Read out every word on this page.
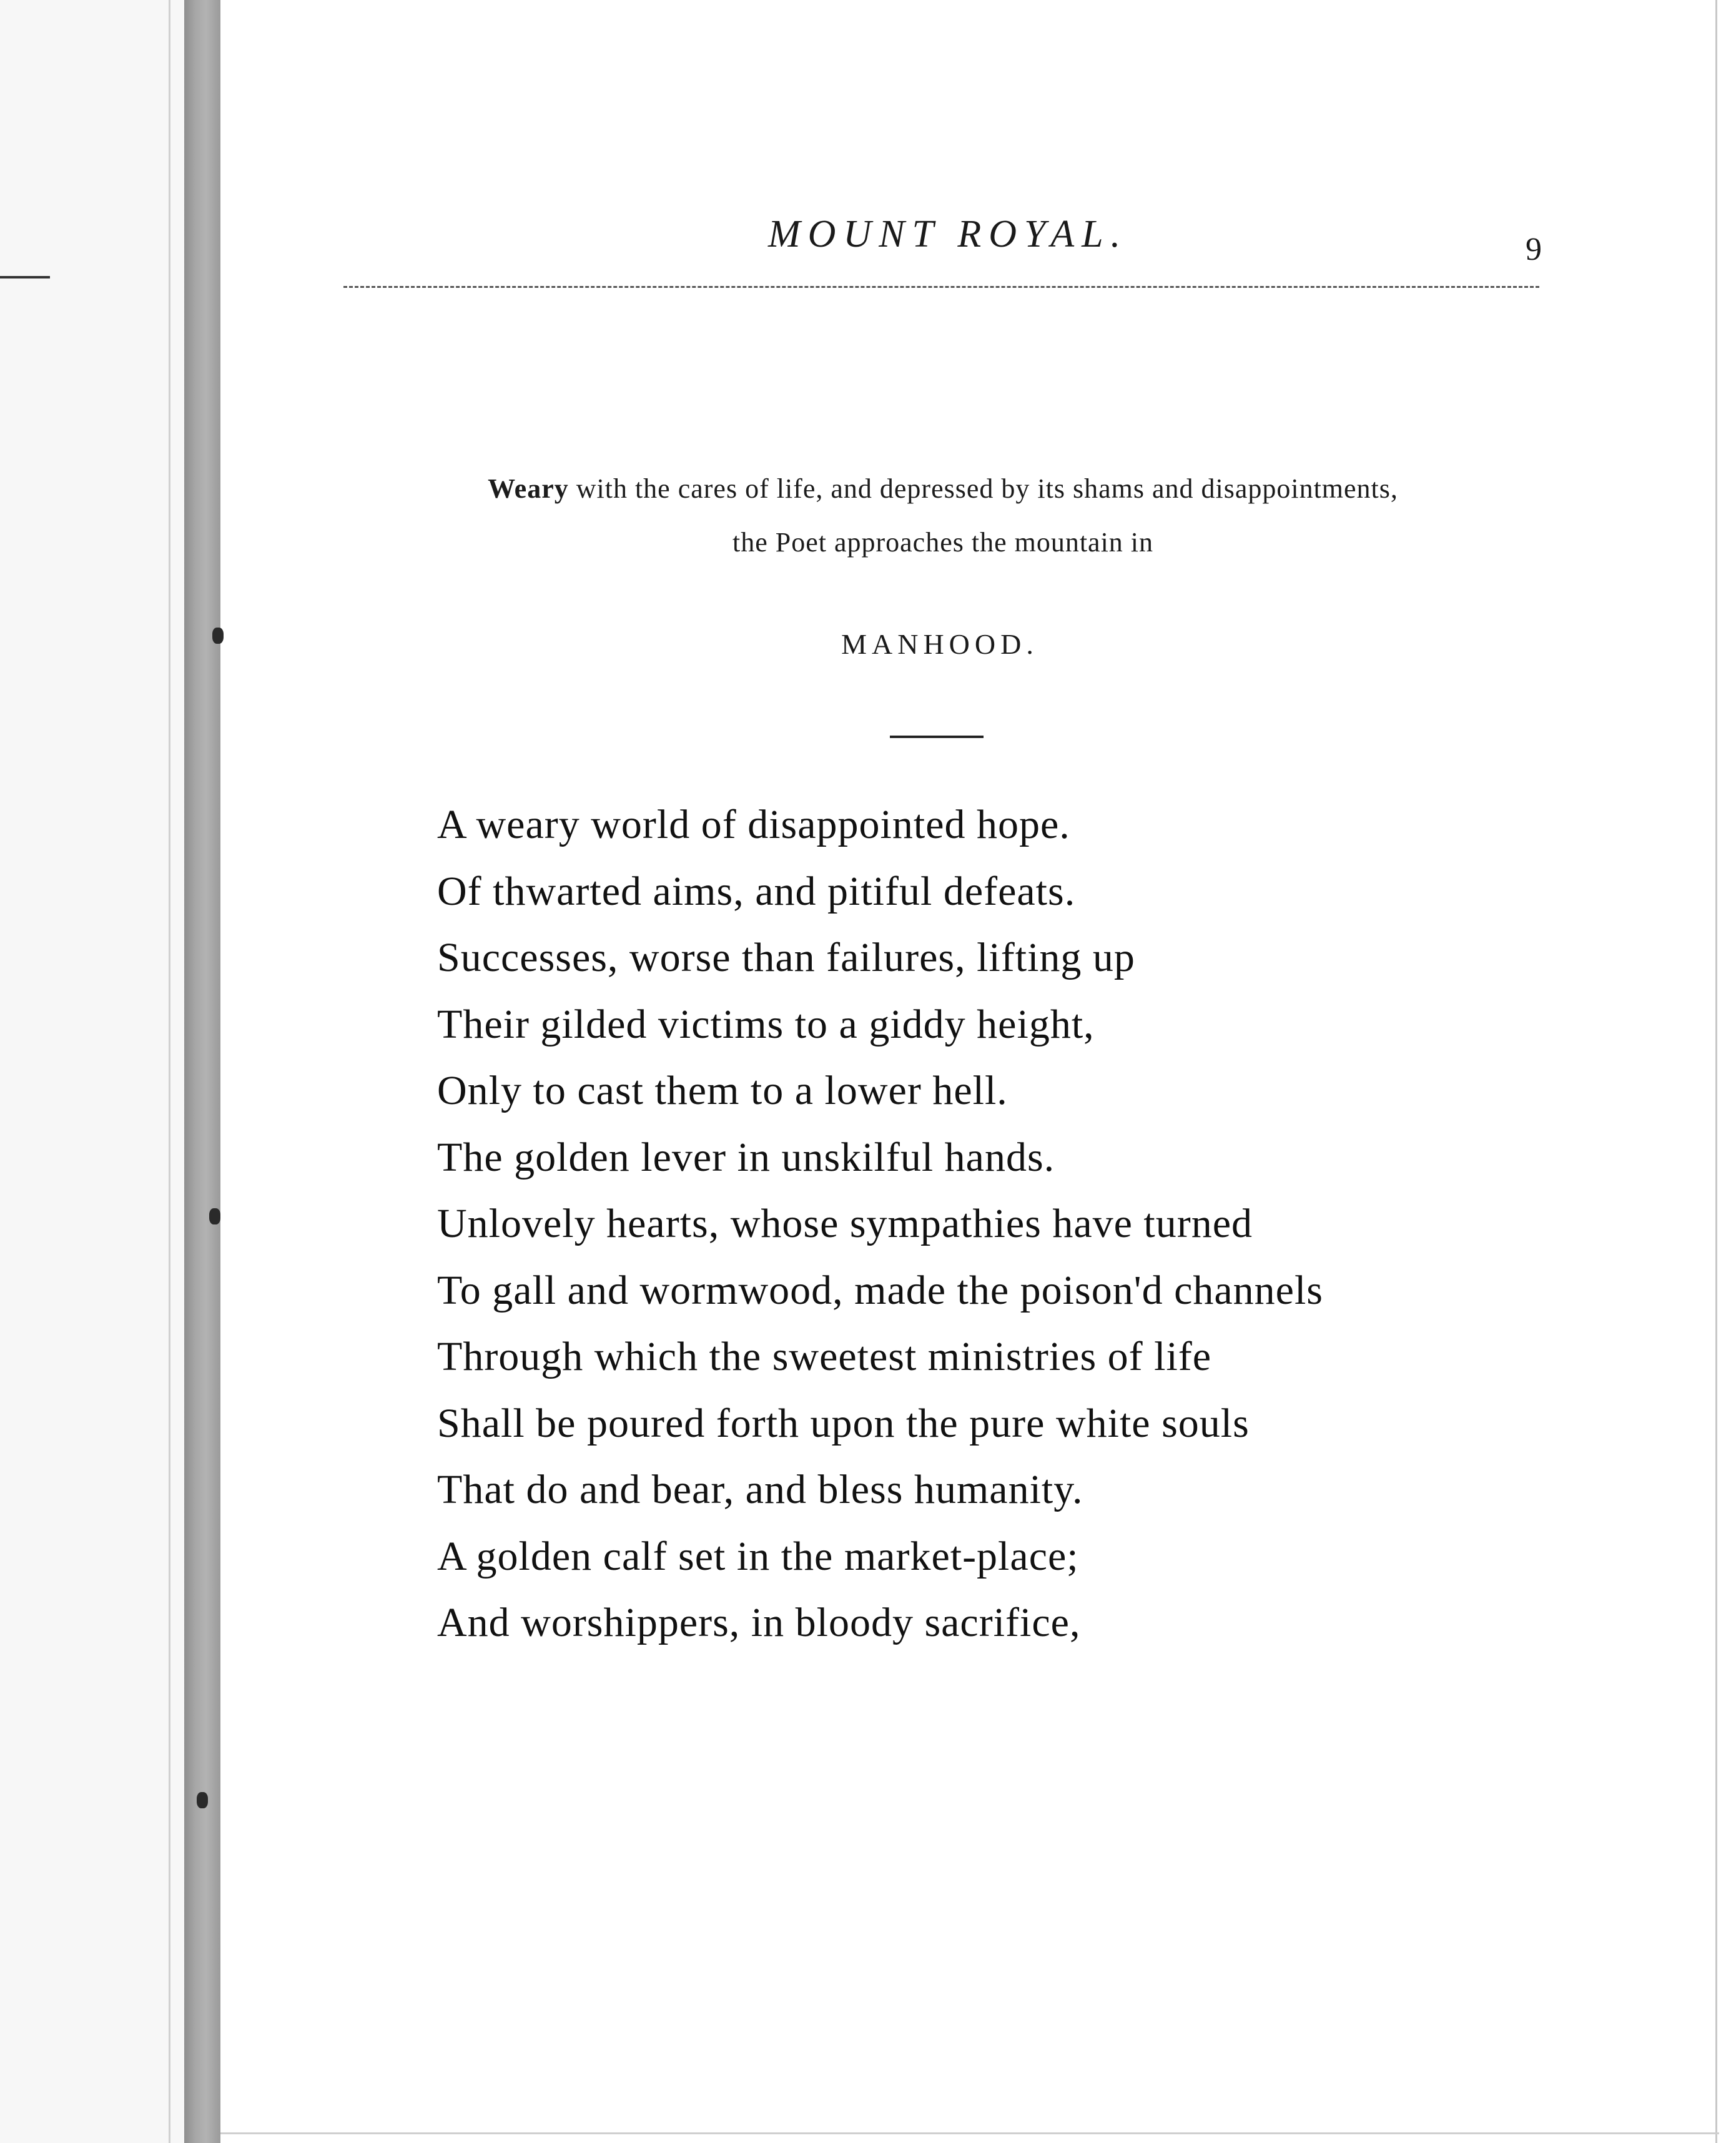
MOUNT ROYAL.	9
Weary with the cares of life, and depressed by its shams and disappointments,
the Poet approaches the mountain in
MANHOOD.
A weary world of disappointed hope.
Of thwarted aims, and pitiful defeats.
Successes, worse than failures, lifting up
Their gilded victims to a giddy height,
Only to cast them to a lower hell.
The golden lever in unskilful hands.
Unlovely hearts, whose sympathies have turned
To gall and wormwood, made the poison'd channels
Through which the sweetest ministries of life
Shall be poured forth upon the pure white souls
That do and bear, and bless humanity.
A golden calf set in the market-place;
And worshippers, in bloody sacrifice,
